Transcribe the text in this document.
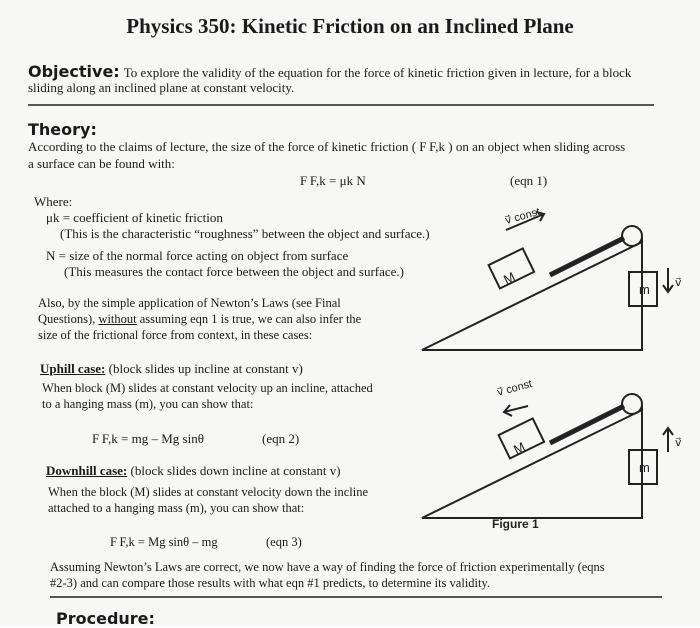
Physics 350: Kinetic Friction on an Inclined Plane
Objective: To explore the validity of the equation for the force of kinetic friction given in lecture, for a block
sliding along an inclined plane at constant velocity.
Theory:
According to the claims of lecture, the size of the force of kinetic friction ( F F,k ) on an object when sliding across
a surface can be found with:
F F,k = μk N	(eqn 1)
Where:
μk = coefficient of kinetic friction
(This is the characteristic “roughness” between the object and surface.)
N = size of the normal force acting on object from surface
(This measures the contact force between the object and surface.)
Also, by the simple application of Newton’s Laws (see Final
Questions), without assuming eqn 1 is true, we can also infer the
size of the frictional force from context, in these cases:
Uphill case: (block slides up incline at constant v)
When block (M) slides at constant velocity up an incline, attached
to a hanging mass (m), you can show that:
F F,k = mg – Mg sinθ	(eqn 2)
Downhill case: (block slides down incline at constant v)
When the block (M) slides at constant velocity down the incline
attached to a hanging mass (m), you can show that:
F F,k = Mg sinθ – mg	(eqn 3)
Assuming Newton’s Laws are correct, we now have a way of finding the force of friction experimentally (eqns
#2-3) and can compare those results with what eqn #1 predicts, to determine its validity.
Procedure:
M
m
v⃗ const
v⃗
M
m
v⃗ const
v⃗
Figure 1
